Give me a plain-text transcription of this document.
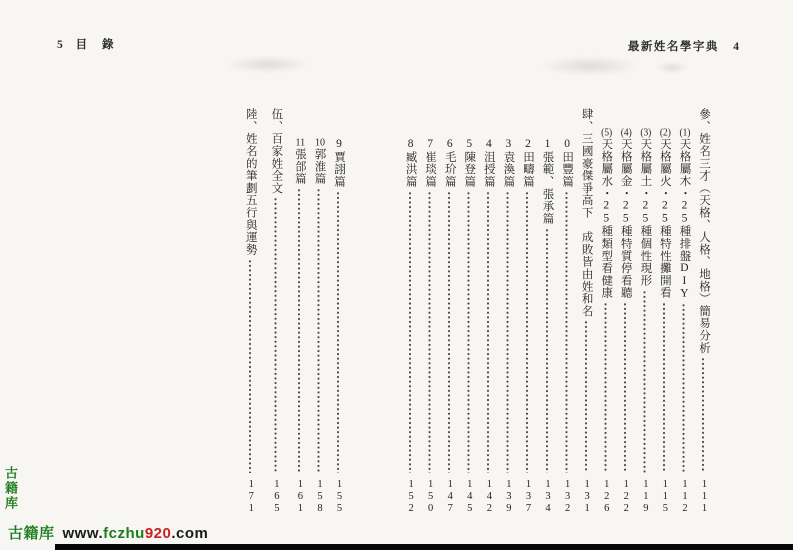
5 目 錄	最新姓名學字典 4
參、姓名三才（天格、人格、地格）簡易分析
111
(1)天格屬木・25種排盤DIY
112
(2)天格屬火・25種特性攤開看
115
(3)天格屬土・25種個性現形
119
(4)天格屬金・25種特質停看聽
122
(5)天格屬水・25種類型看健康
126
肆、三國豪傑爭高下　成敗皆由姓和名
131
0田豐篇
132
1張範、張承篇
134
2田疇篇
137
3袁渙篇
139
4沮授篇
142
5陳登篇
145
6毛玠篇
147
7崔琰篇
150
8臧洪篇
152
9賈詡篇
155
10郭淮篇
158
11張郃篇
161
伍、百家姓全文
165
陸、姓名的筆劃五行與運勢
171
古籍库
古籍库 www.fczhu920.com
